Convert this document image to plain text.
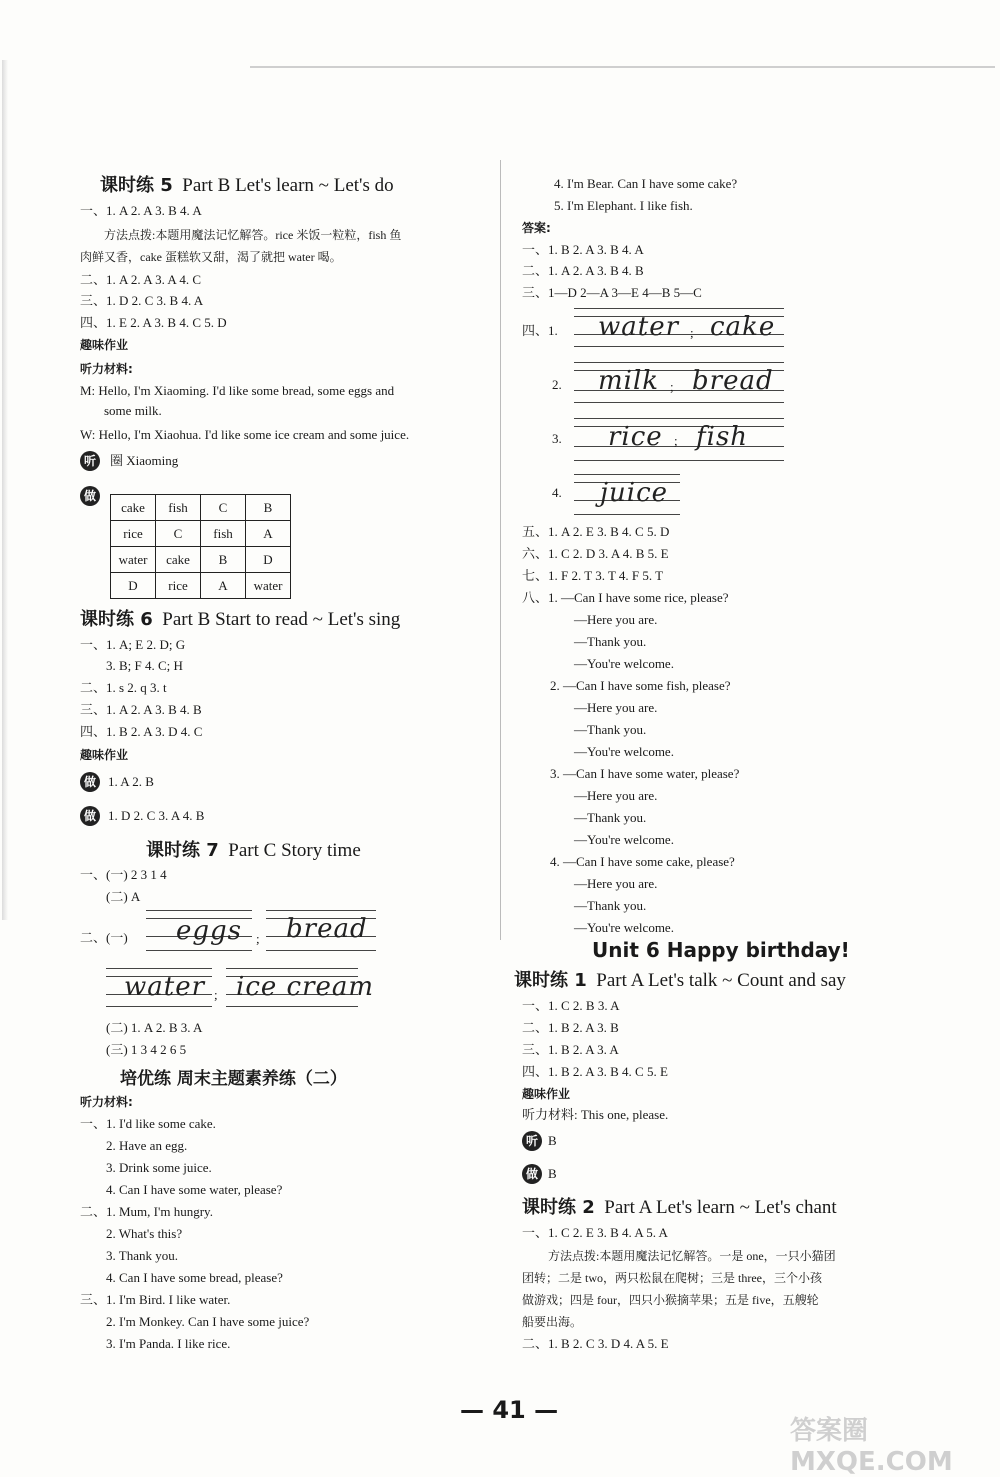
答案圈 MXQE.COM
课时练 5 Part B Let's learn ~ Let's do
一、1. A 2. A 3. B 4. A
方法点拨:本题用魔法记忆解答。rice 米饭一粒粒，fish 鱼
肉鲜又香，cake 蛋糕软又甜，渴了就把 water 喝。
二、1. A 2. A 3. A 4. C
三、1. D 2. C 3. B 4. A
四、1. E 2. A 3. B 4. C 5. D
趣味作业
听力材料:
M: Hello, I'm Xiaoming. I'd like some bread, some eggs and
some milk.
W: Hello, I'm Xiaohua. I'd like some ice cream and some juice.
听	圈 Xiaoming
做
cake	fish	C	B
rice	C	fish	A
water	cake	B	D
D	rice	A	water
课时练 6 Part B Start to read ~ Let's sing
一、1. A; E 2. D; G
3. B; F 4. C; H
二、1. s 2. q 3. t
三、1. A 2. A 3. B 4. B
四、1. B 2. A 3. D 4. C
趣味作业
做 1. A 2. B
做 1. D 2. C 3. A 4. B
课时练 7 Part C Story time
一、(一) 2 3 1 4
(二) A
二、(一) eggs ; bread
water ; ice cream
(二) 1. A 2. B 3. A
(三) 1 3 4 2 6 5
培优练 周末主题素养练（二）
听力材料:
一、1. I'd like some cake.
2. Have an egg.
3. Drink some juice.
4. Can I have some water, please?
二、1. Mum, I'm hungry.
2. What's this?
3. Thank you.
4. Can I have some bread, please?
三、1. I'm Bird. I like water.
2. I'm Monkey. Can I have some juice?
3. I'm Panda. I like rice.
4. I'm Bear. Can I have some cake?
5. I'm Elephant. I like fish.
答案:
一、1. B 2. A 3. B 4. A
二、1. A 2. A 3. B 4. B
三、1—D 2—A 3—E 4—B 5—C
四、1. water ; cake
2. milk ; bread
3. rice ; fish
4. juice
五、1. A 2. E 3. B 4. C 5. D
六、1. C 2. D 3. A 4. B 5. E
七、1. F 2. T 3. T 4. F 5. T
八、1. —Can I have some rice, please?
—Here you are.
—Thank you.
—You're welcome.
2. —Can I have some fish, please?
—Here you are.
—Thank you.
—You're welcome.
3. —Can I have some water, please?
—Here you are.
—Thank you.
—You're welcome.
4. —Can I have some cake, please?
—Here you are.
—Thank you.
—You're welcome.
Unit 6 Happy birthday!
课时练 1 Part A Let's talk ~ Count and say
一、1. C 2. B 3. A
二、1. B 2. A 3. B
三、1. B 2. A 3. A
四、1. B 2. A 3. B 4. C 5. E
趣味作业
听力材料: This one, please.
听 B
做 B
课时练 2 Part A Let's learn ~ Let's chant
一、1. C 2. E 3. B 4. A 5. A
方法点拨:本题用魔法记忆解答。一是 one，一只小猫团
团转；二是 two，两只松鼠在爬树；三是 three，三个小孩
做游戏；四是 four，四只小猴摘苹果；五是 five，五艘轮
船要出海。
二、1. B 2. C 3. D 4. A 5. E
— 41 —
